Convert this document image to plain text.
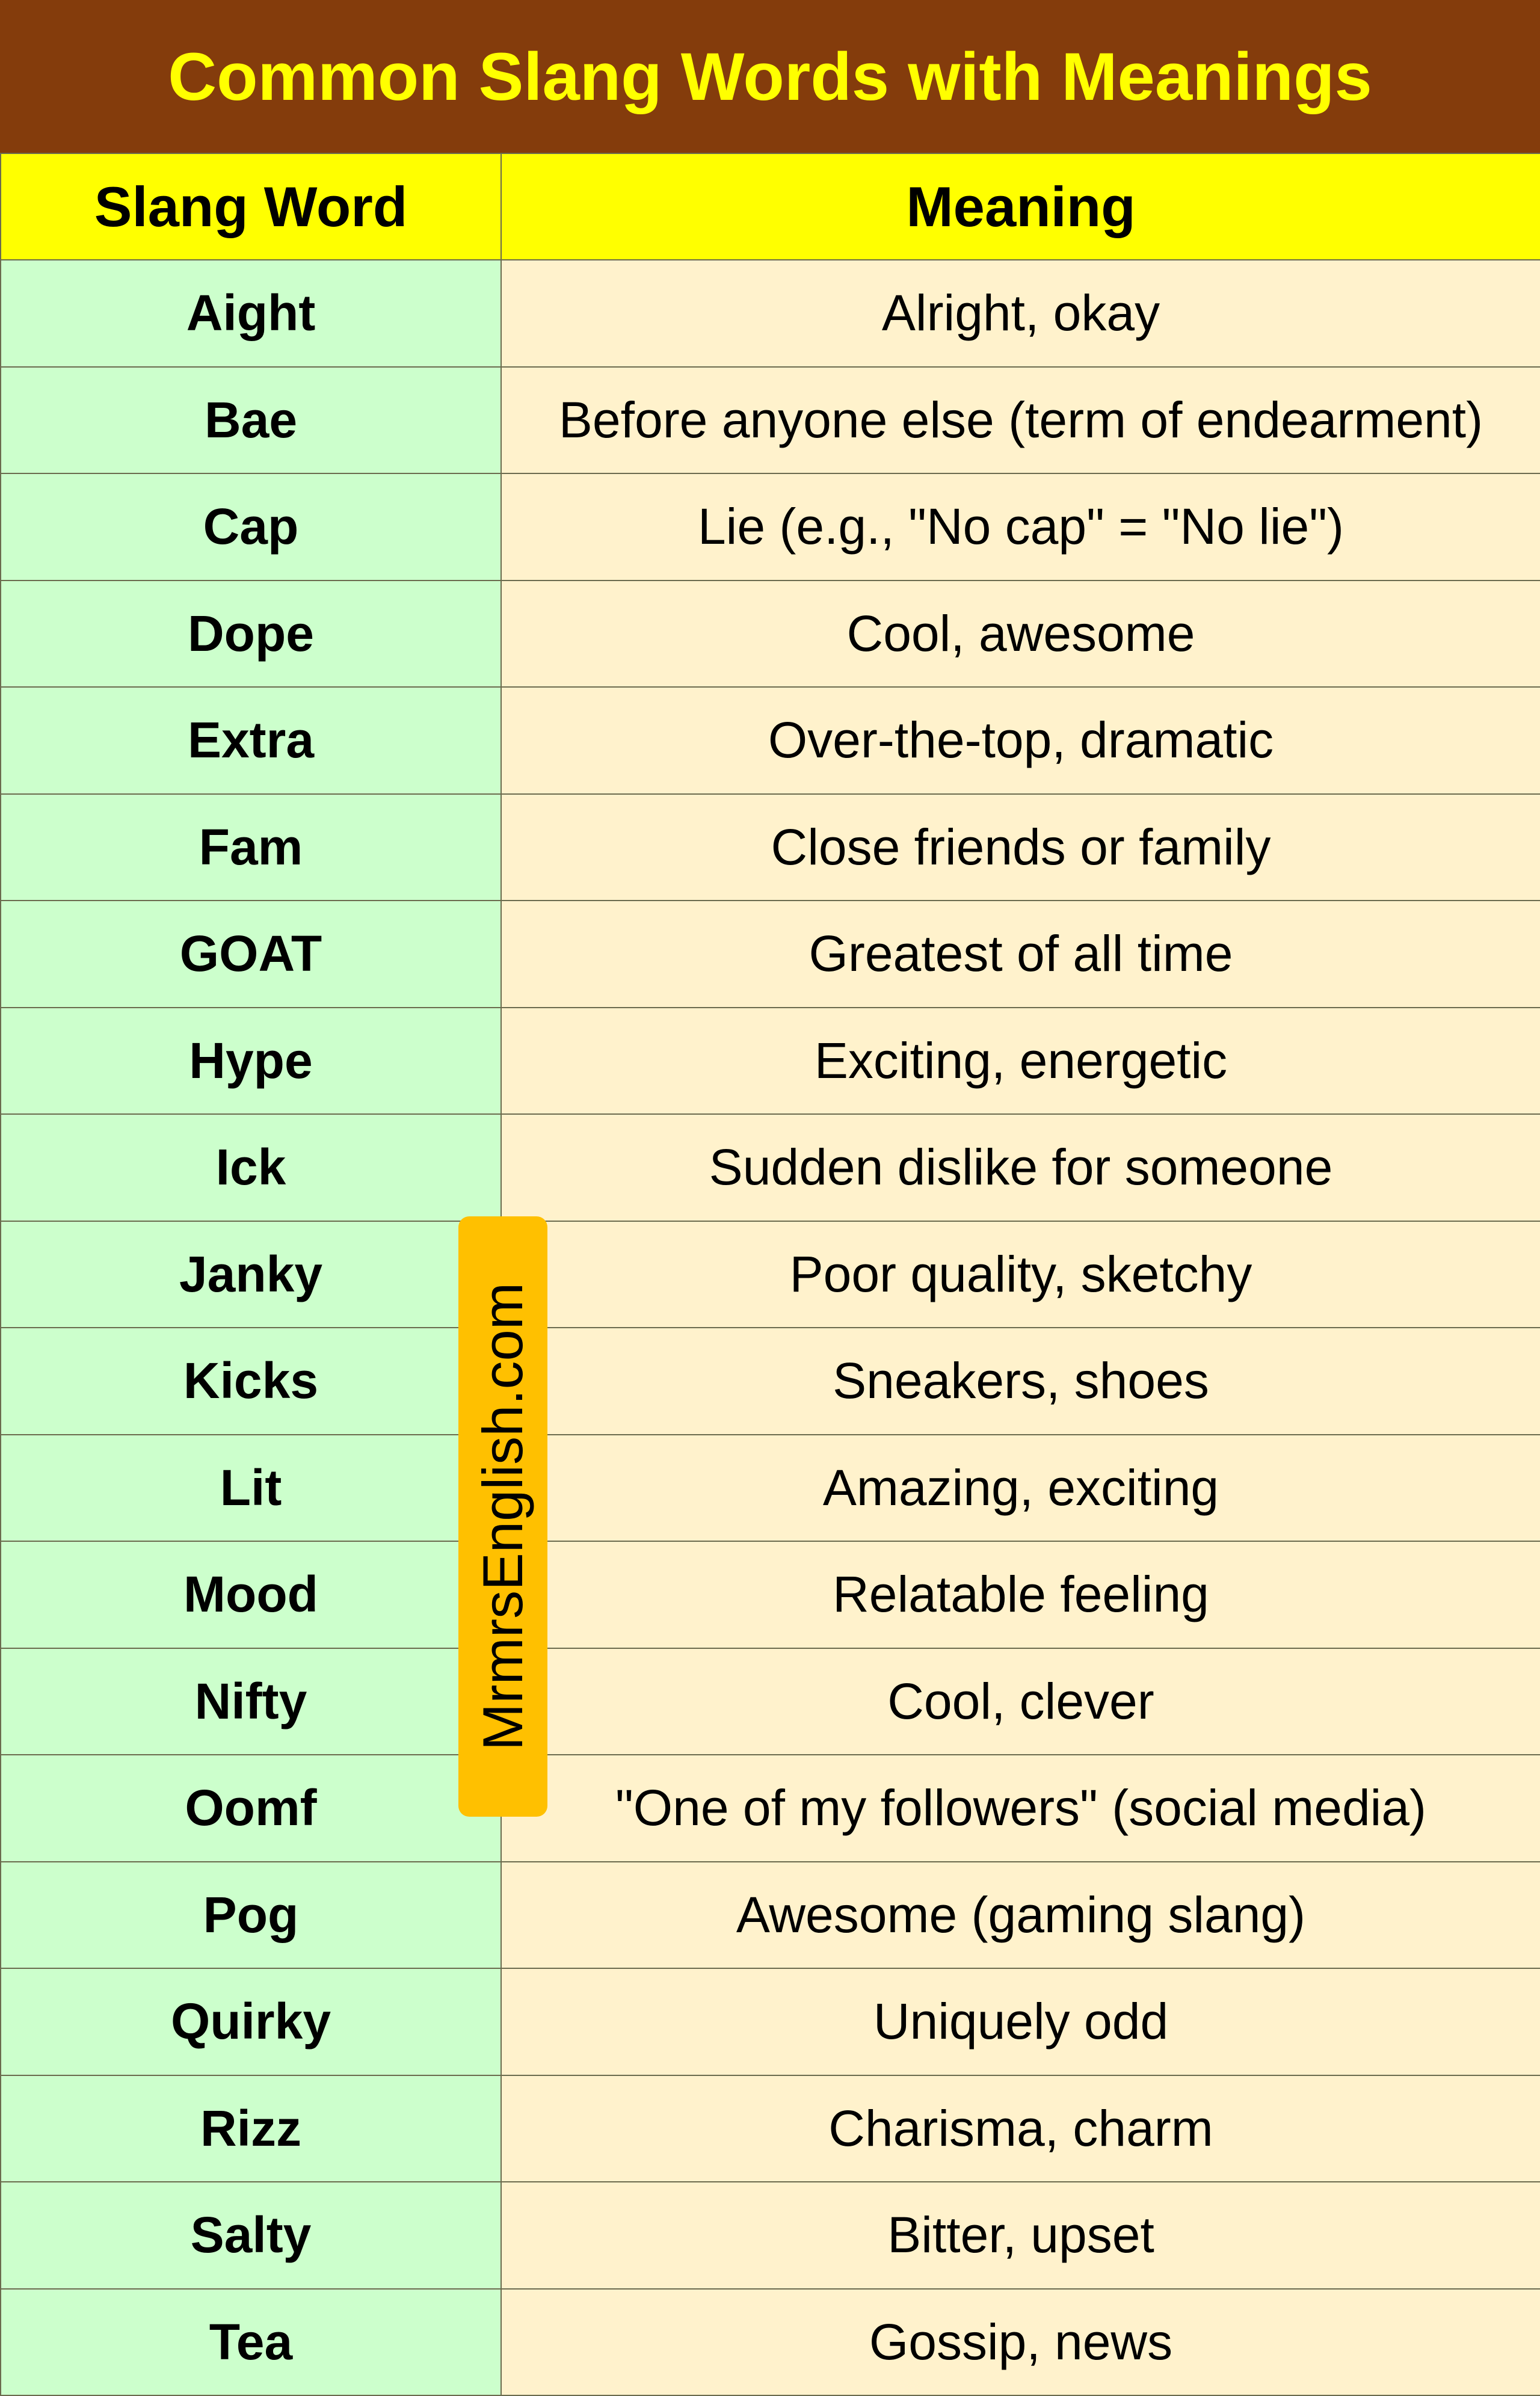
Common Slang Words with Meanings
Slang Word	Meaning
Aight	Alright, okay
Bae	Before anyone else (term of endearment)
Cap	Lie (e.g., "No cap" = "No lie")
Dope	Cool, awesome
Extra	Over-the-top, dramatic
Fam	Close friends or family
GOAT	Greatest of all time
Hype	Exciting, energetic
Ick	Sudden dislike for someone
Janky	Poor quality, sketchy
Kicks	Sneakers, shoes
Lit	Amazing, exciting
Mood	Relatable feeling
Nifty	Cool, clever
Oomf	"One of my followers" (social media)
Pog	Awesome (gaming slang)
Quirky	Uniquely odd
Rizz	Charisma, charm
Salty	Bitter, upset
Tea	Gossip, news
MrmrsEnglish.com
